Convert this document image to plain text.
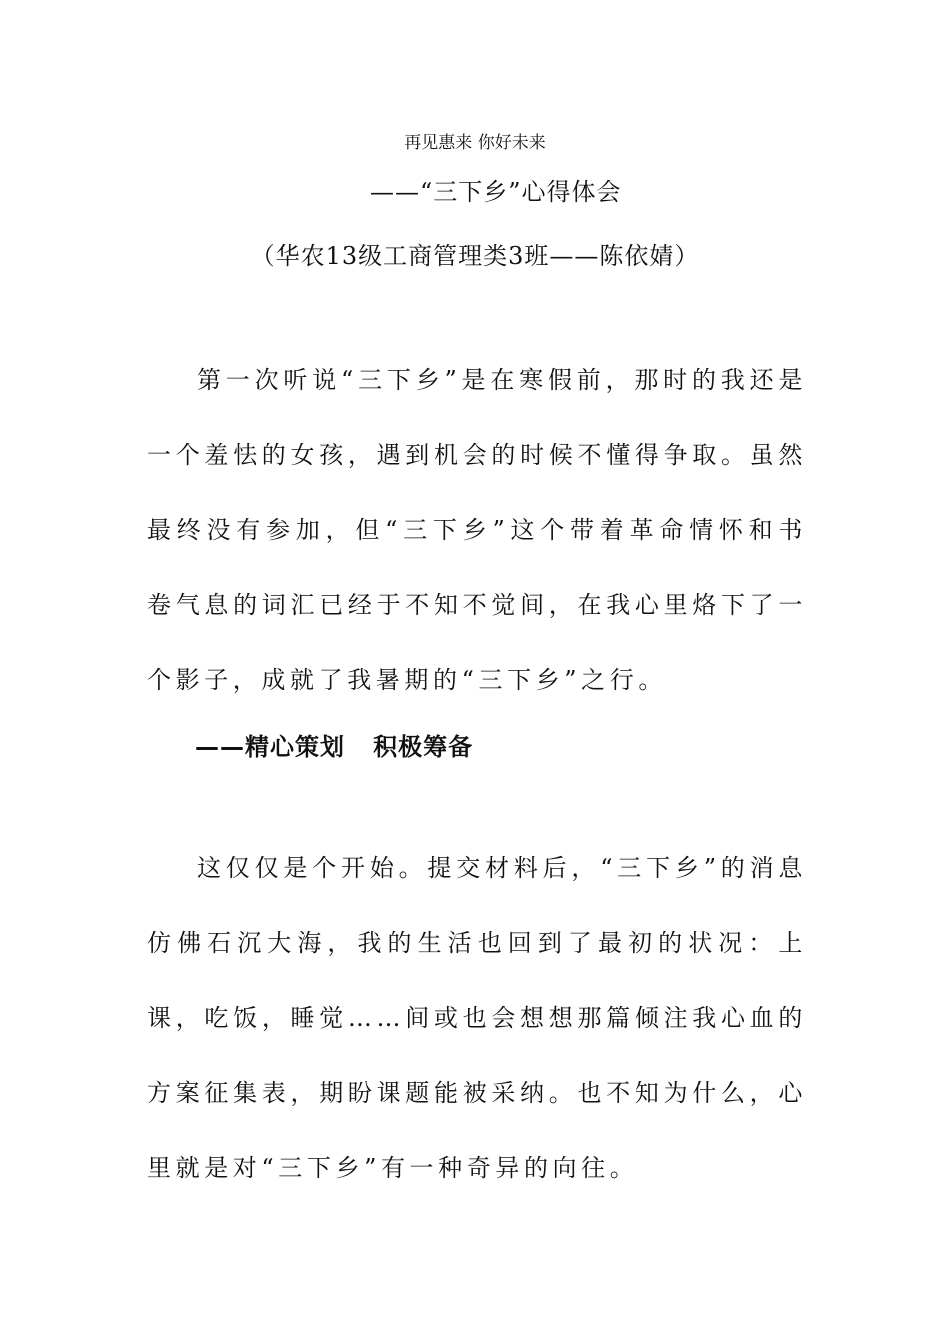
再见惠来 你好未来
——“三下乡”心得体会
（华农13级工商管理类3班——陈依婧）

第一次听说“三下乡”是在寒假前，那时的我还是一个羞怯的女孩，遇到机会的时候不懂得争取。虽然最终没有参加，但“三下乡”这个带着革命情怀和书卷气息的词汇已经于不知不觉间，在我心里烙下了一个影子，成就了我暑期的“三下乡”之行。

——精心策划   积极筹备

这仅仅是个开始。提交材料后，“三下乡”的消息仿佛石沉大海，我的生活也回到了最初的状况：上课，吃饭，睡觉……间或也会想想那篇倾注我心血的方案征集表，期盼课题能被采纳。也不知为什么，心里就是对“三下乡”有一种奇异的向往。
